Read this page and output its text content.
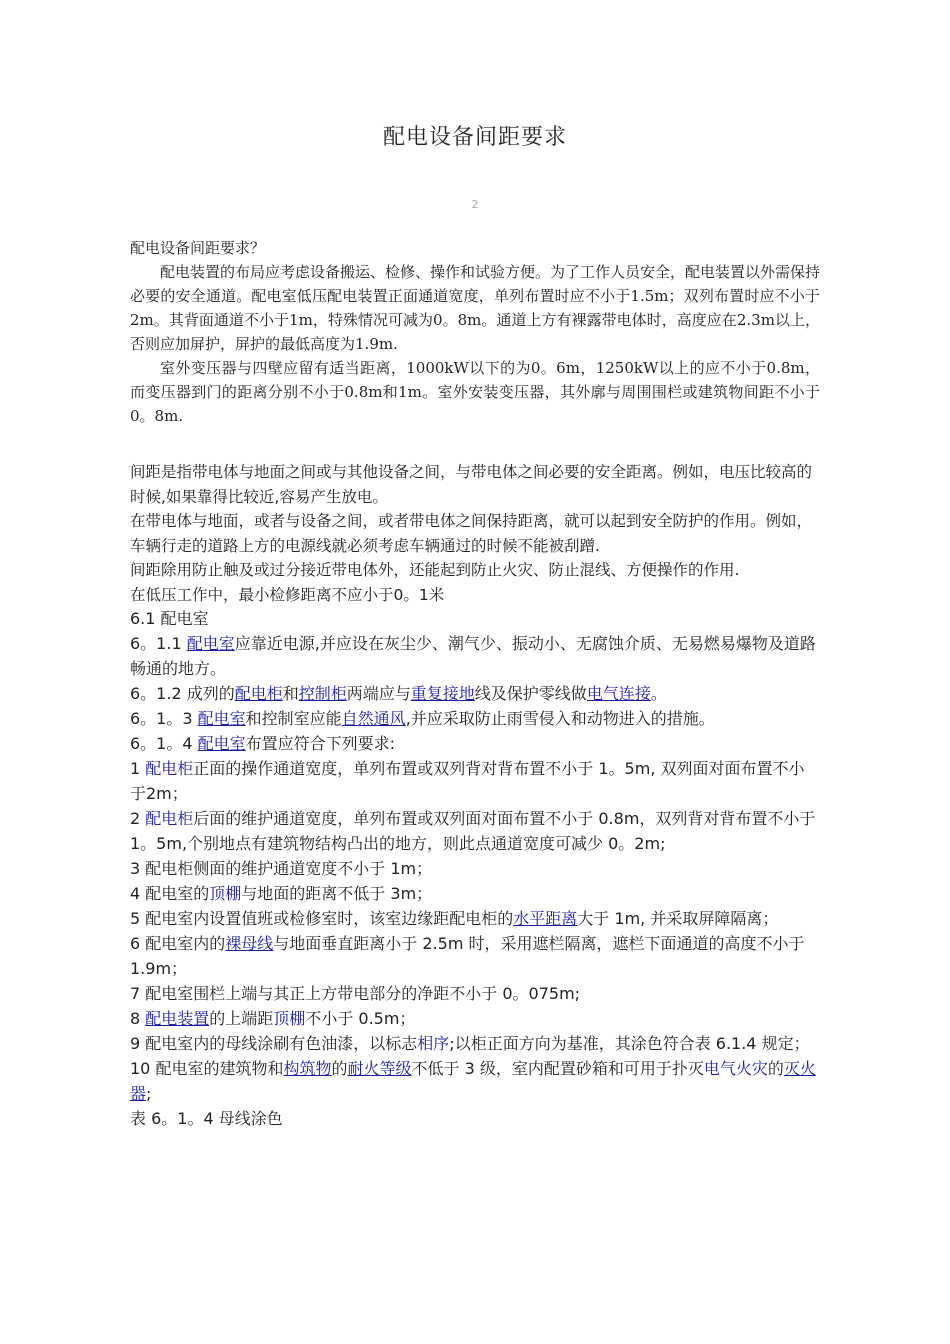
配电设备间距要求
2

配电设备间距要求？

配电装置的布局应考虑设备搬运、检修、操作和试验方便。为了工作人员安全，配电装置以外需保持必要的安全通道。配电室低压配电装置正面通道宽度，单列布置时应不小于1.5m；双列布置时应不小于2m。其背面通道不小于1m，特殊情况可减为0。8m。通道上方有裸露带电体时，高度应在2.3m以上，否则应加屏护，屏护的最低高度为1.9m.

室外变压器与四壁应留有适当距离，1000kW以下的为0。6m，1250kW以上的应不小于0.8m，而变压器到门的距离分别不小于0.8m和1m。室外安装变压器，其外廓与周围围栏或建筑物间距不小于0。8m.

间距是指带电体与地面之间或与其他设备之间，与带电体之间必要的安全距离。例如，电压比较高的时候,如果靠得比较近,容易产生放电。

在带电体与地面，或者与设备之间，或者带电体之间保持距离，就可以起到安全防护的作用。例如，车辆行走的道路上方的电源线就必须考虑车辆通过的时候不能被刮蹭.

间距除用防止触及或过分接近带电体外，还能起到防止火灾、防止混线、方便操作的作用.

在低压工作中，最小检修距离不应小于0。1米

6.1 配电室

6。1.1 配电室应靠近电源,并应设在灰尘少、潮气少、振动小、无腐蚀介质、无易燃易爆物及道路畅通的地方。

6。1.2 成列的配电柜和控制柜两端应与重复接地线及保护零线做电气连接。

6。1。3 配电室和控制室应能自然通风,并应采取防止雨雪侵入和动物进入的措施。

6。1。4 配电室布置应符合下列要求:

1 配电柜正面的操作通道宽度，单列布置或双列背对背布置不小于 1。5m, 双列面对面布置不小于2m；

2 配电柜后面的维护通道宽度，单列布置或双列面对面布置不小于 0.8m，双列背对背布置不小于 1。5m,个别地点有建筑物结构凸出的地方，则此点通道宽度可减少 0。2m;

3 配电柜侧面的维护通道宽度不小于 1m；

4 配电室的顶棚与地面的距离不低于 3m；

5 配电室内设置值班或检修室时，该室边缘距配电柜的水平距离大于 1m, 并采取屏障隔离；

6 配电室内的裸母线与地面垂直距离小于 2.5m 时，采用遮栏隔离，遮栏下面通道的高度不小于 1.9m；

7 配电室围栏上端与其正上方带电部分的净距不小于 0。075m;

8 配电装置的上端距顶棚不小于 0.5m；

9 配电室内的母线涂刷有色油漆，以标志相序;以柜正面方向为基准，其涂色符合表 6.1.4 规定；

10 配电室的建筑物和构筑物的耐火等级不低于 3 级，室内配置砂箱和可用于扑灭电气火灾的灭火器;

表 6。1。4 母线涂色
